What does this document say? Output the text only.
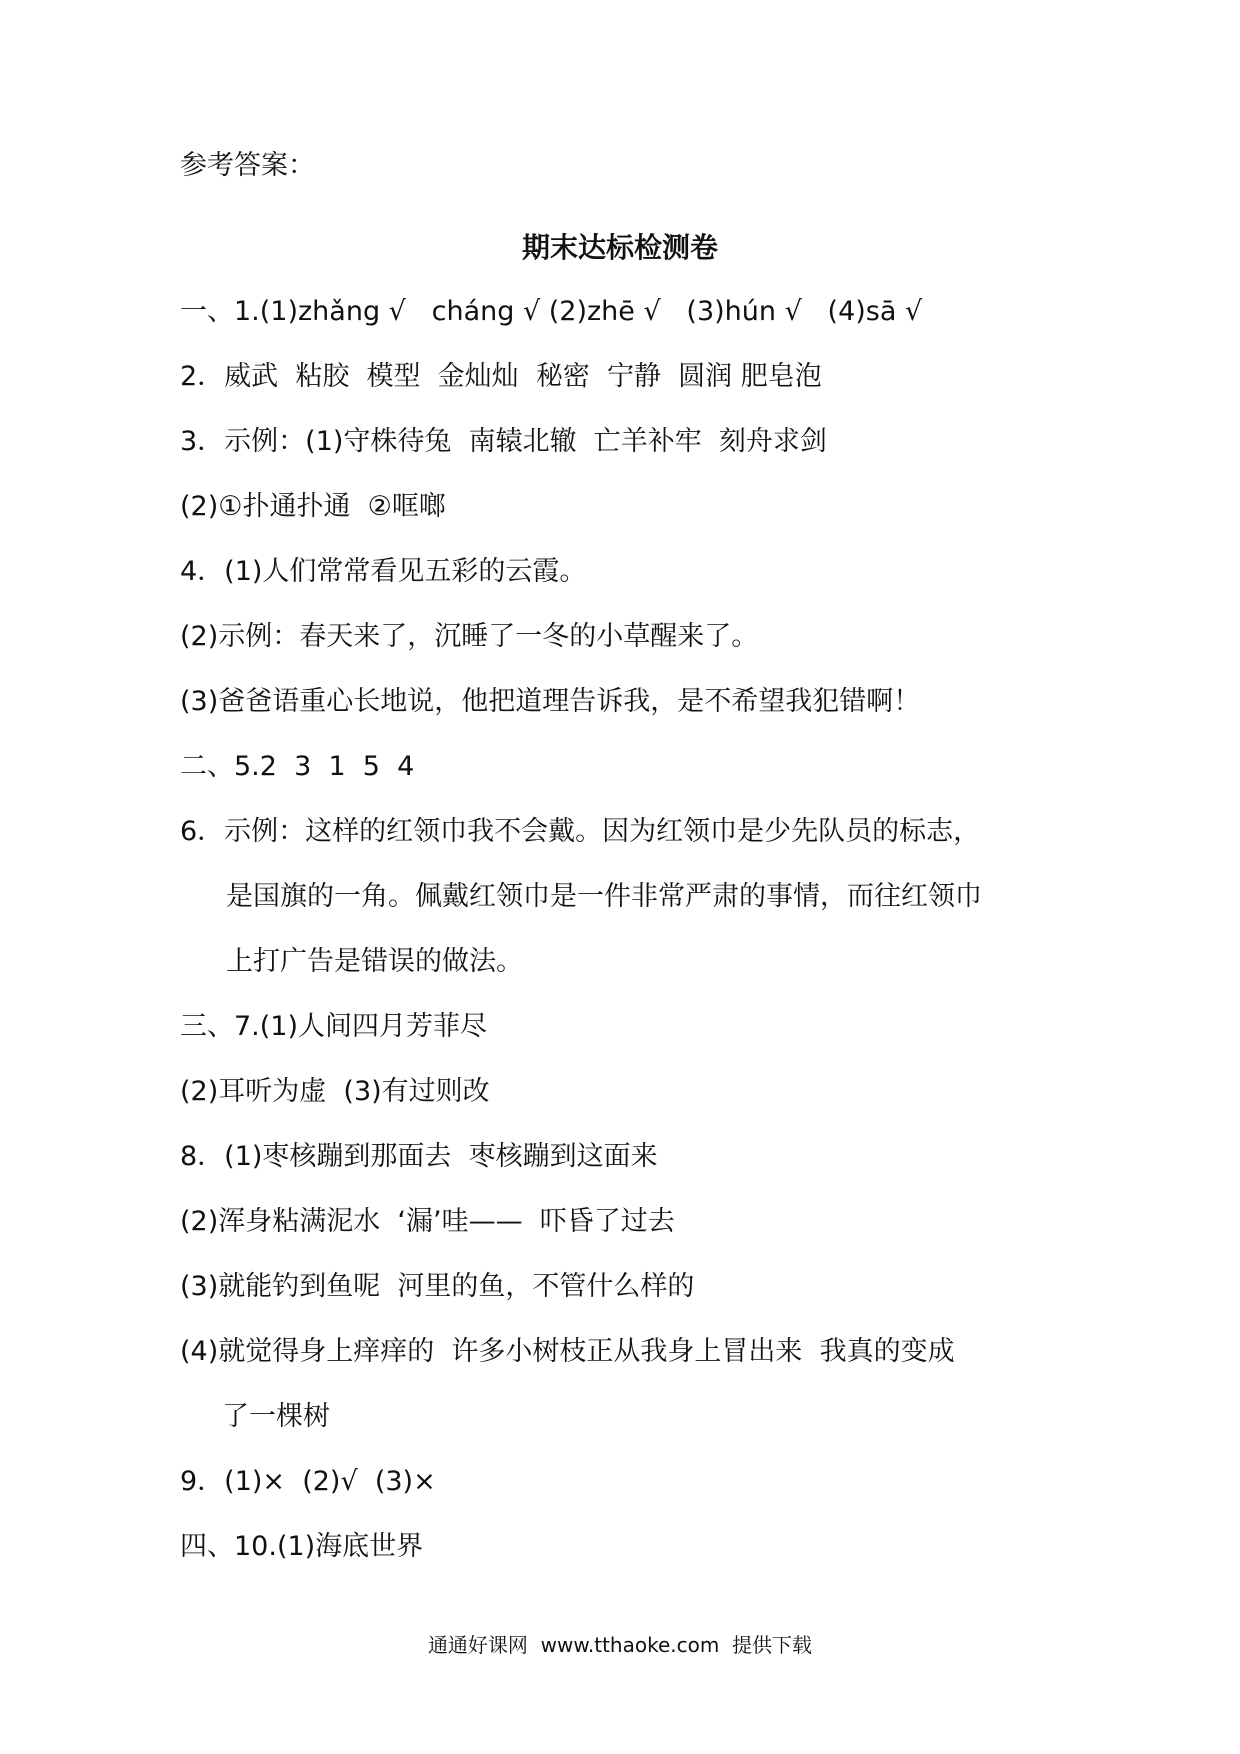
参考答案：
期末达标检测卷
一、1.(1)zhǎng √   cháng √ (2)zhē √   (3)hún √   (4)sā √
2．威武  粘胶  模型  金灿灿  秘密  宁静  圆润 肥皂泡
3．示例：(1)守株待兔  南辕北辙  亡羊补牢  刻舟求剑
(2)①扑通扑通  ②哐啷
4．(1)人们常常看见五彩的云霞。
(2)示例：春天来了，沉睡了一冬的小草醒来了。
(3)爸爸语重心长地说，他把道理告诉我，是不希望我犯错啊！
二、5.2  3  1  5  4
6．示例：这样的红领巾我不会戴。因为红领巾是少先队员的标志，
是国旗的一角。佩戴红领巾是一件非常严肃的事情，而往红领巾
上打广告是错误的做法。
三、7.(1)人间四月芳菲尽
(2)耳听为虚  (3)有过则改
8．(1)枣核蹦到那面去  枣核蹦到这面来
(2)浑身粘满泥水  ‘漏’哇——  吓昏了过去
(3)就能钓到鱼呢  河里的鱼，不管什么样的
(4)就觉得身上痒痒的  许多小树枝正从我身上冒出来  我真的变成
了一棵树
9．(1)×  (2)√  (3)×
四、10.(1)海底世界
通通好课网  www.tthaoke.com  提供下载
